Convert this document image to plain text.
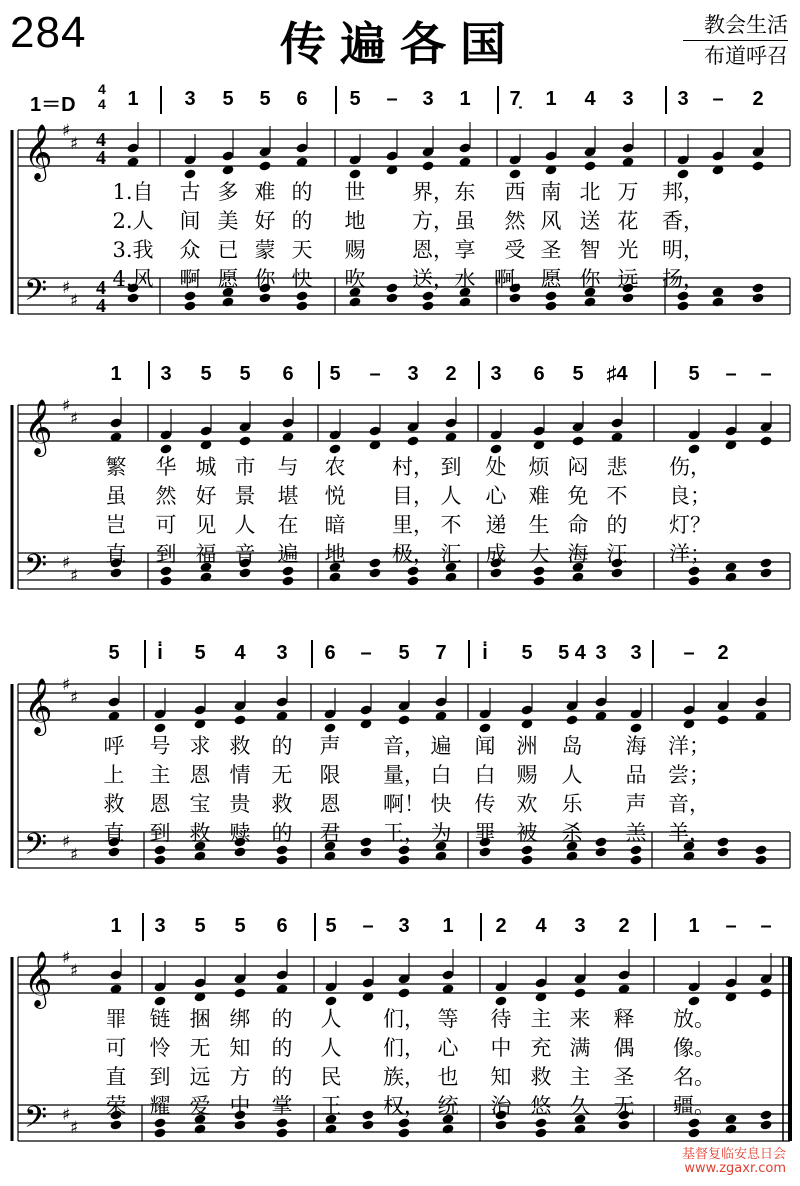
284	传遍各国	教会生活
布道呼召
1＝D
4
4 1 3 5 5 6 5 – 3 1 7̣ 1 4 3 3 – 2
𝄞
𝄢
♯
♯
♯
♯
4
4
4
4
1.自 古 多 难 的 世 界， 东 西 南 北 万 邦，
2.人 间 美 好 的 地 方， 虽 然 风 送 花 香，
3.我 众 已 蒙 天 赐 恩， 享 受 圣 智 光 明，
4.风 啊 愿 你 快 吹 送， 水 啊， 愿 你 远 扬，
1 3 5 5 6 5 – 3 2 3 6 5 ♯4	5 – –
𝄞
𝄢
♯
♯
♯
♯
繁 华 城 市 与 农 村， 到 处 烦 闷 悲 伤，
虽 然 好 景 堪 悦 目， 人 心 难 免 不 良；
岂 可 见 人 在 暗 里， 不 递 生 命 的 灯？
直 到 福 音 遍 地 极， 汇 成 大 海 汪 洋；
5 i̇ 5 4 3 6 – 5 7 i̇ 5 5 4 3 3 – 2
𝄞
𝄢
♯
♯
♯
♯
呼 号 求 救 的 声 音， 遍 闻 洲 岛 海 洋；
上 主 恩 情 无 限 量， 白 白 赐 人 品 尝；
救 恩 宝 贵 救 恩 啊！ 快 传 欢 乐 声 音，
直 到 救 赎 的 君 王， 为 罪 被 杀 羔 羊，
1 3 5 5 6 5 – 3 1 2 4 3 2	1 – –
𝄞
𝄢
♯
♯
♯
♯
罪 链 捆 绑 的 人 们， 等 待 主 来 释 放。
可 怜 无 知 的 人 们， 心 中 充 满 偶 像。
直 到 远 方 的 民 族， 也 知 救 主 圣 名。
荣 耀 爱 中 掌 王 权， 统 治 悠 久 无 疆。
基督复临安息日会
www.zgaxr.com
